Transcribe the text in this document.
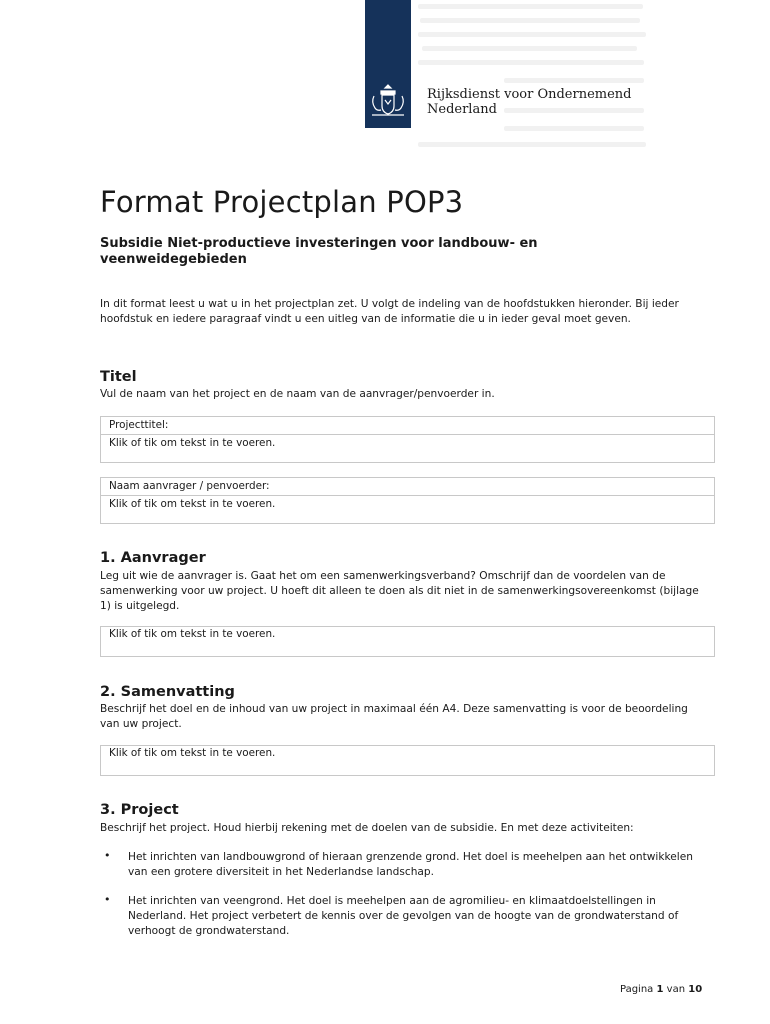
Rijksdienst voor Ondernemend
Nederland
Format Projectplan POP3
Subsidie Niet-productieve investeringen voor landbouw- en veenweidegebieden
In dit format leest u wat u in het projectplan zet. U volgt de indeling van de hoofdstukken hieronder. Bij ieder hoofdstuk en iedere paragraaf vindt u een uitleg van de informatie die u in ieder geval moet geven.
Titel
Vul de naam van het project en de naam van de aanvrager/penvoerder in.
Projecttitel:
Klik of tik om tekst in te voeren.
Naam aanvrager / penvoerder:
Klik of tik om tekst in te voeren.
1. Aanvrager
Leg uit wie de aanvrager is. Gaat het om een samenwerkingsverband? Omschrijf dan de voordelen van de samenwerking voor uw project. U hoeft dit alleen te doen als dit niet in de samenwerkingsovereenkomst (bijlage 1) is uitgelegd.
Klik of tik om tekst in te voeren.
2. Samenvatting
Beschrijf het doel en de inhoud van uw project in maximaal één A4. Deze samenvatting is voor de beoordeling van uw project.
Klik of tik om tekst in te voeren.
3. Project
Beschrijf het project. Houd hierbij rekening met de doelen van de subsidie. En met deze activiteiten:
• Het inrichten van landbouwgrond of hieraan grenzende grond. Het doel is meehelpen aan het ontwikkelen van een grotere diversiteit in het Nederlandse landschap.
• Het inrichten van veengrond. Het doel is meehelpen aan de agromilieu- en klimaatdoelstellingen in Nederland. Het project verbetert de kennis over de gevolgen van de hoogte van de grondwaterstand of verhoogt de grondwaterstand.
Pagina 1 van 10
